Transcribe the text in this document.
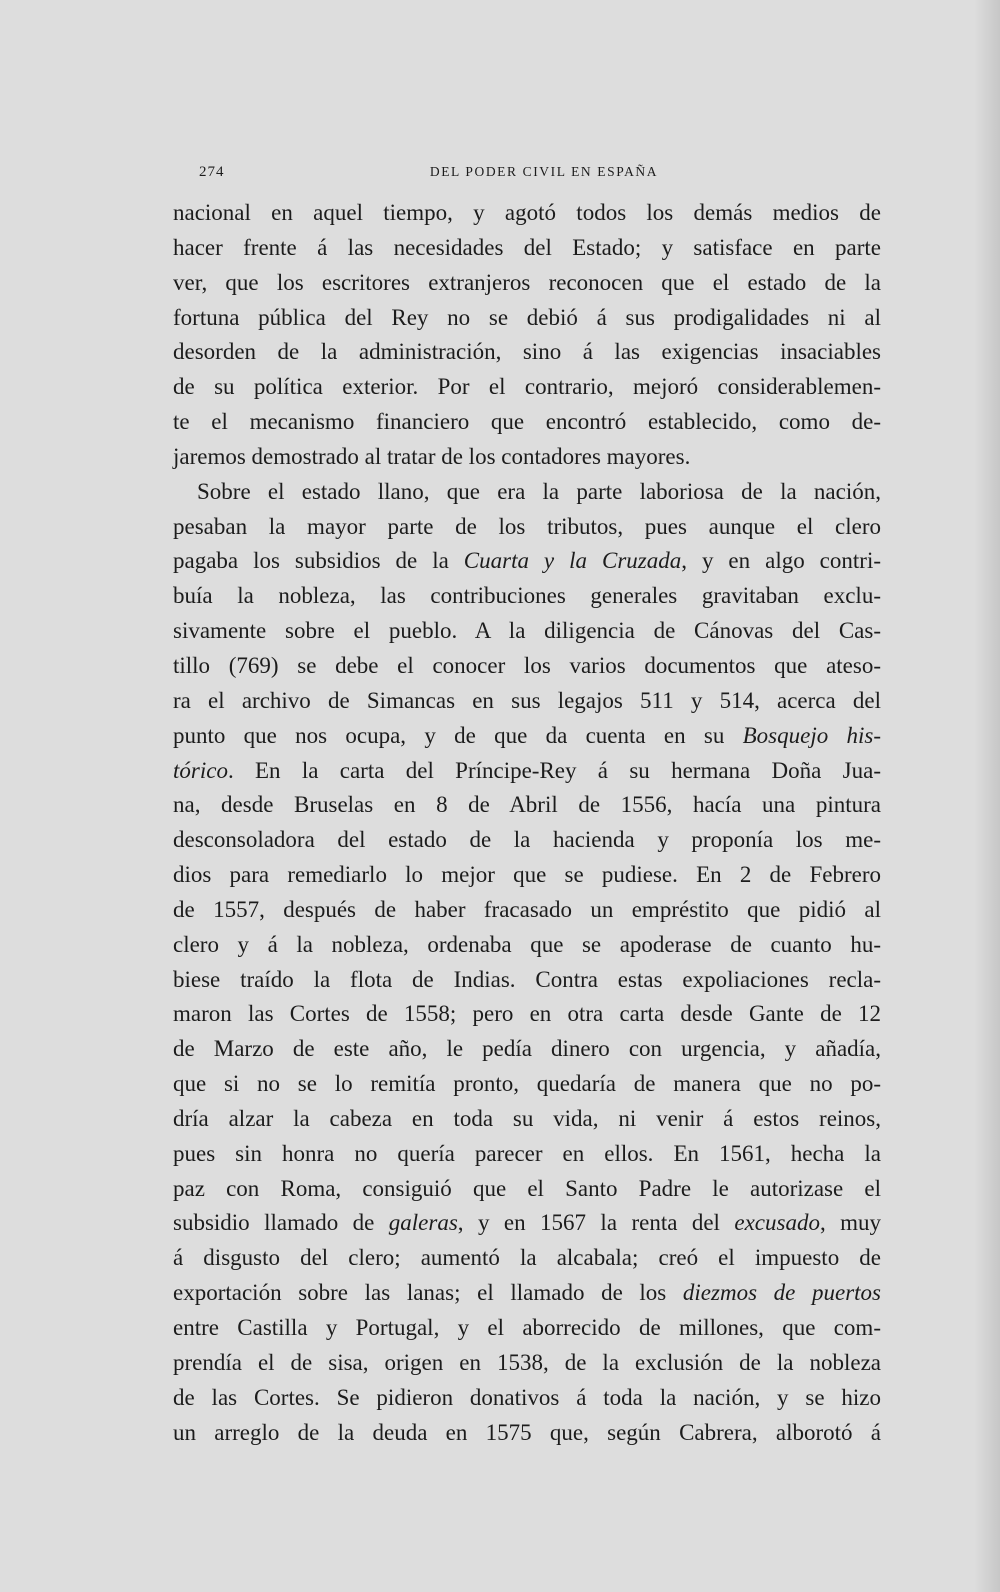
274	DEL PODER CIVIL EN ESPAÑA
nacional en aquel tiempo, y agotó todos los demás medios de
hacer frente á las necesidades del Estado; y satisface en parte
ver, que los escritores extranjeros reconocen que el estado de la
fortuna pública del Rey no se debió á sus prodigalidades ni al
desorden de la administración, sino á las exigencias insaciables
de su política exterior. Por el contrario, mejoró considerablemen-
te el mecanismo financiero que encontró establecido, como de-
jaremos demostrado al tratar de los contadores mayores.
Sobre el estado llano, que era la parte laboriosa de la nación,
pesaban la mayor parte de los tributos, pues aunque el clero
pagaba los subsidios de la Cuarta y la Cruzada, y en algo contri-
buía la nobleza, las contribuciones generales gravitaban exclu-
sivamente sobre el pueblo. A la diligencia de Cánovas del Cas-
tillo (769) se debe el conocer los varios documentos que ateso-
ra el archivo de Simancas en sus legajos 511 y 514, acerca del
punto que nos ocupa, y de que da cuenta en su Bosquejo his-
tórico. En la carta del Príncipe-Rey á su hermana Doña Jua-
na, desde Bruselas en 8 de Abril de 1556, hacía una pintura
desconsoladora del estado de la hacienda y proponía los me-
dios para remediarlo lo mejor que se pudiese. En 2 de Febrero
de 1557, después de haber fracasado un empréstito que pidió al
clero y á la nobleza, ordenaba que se apoderase de cuanto hu-
biese traído la flota de Indias. Contra estas expoliaciones recla-
maron las Cortes de 1558; pero en otra carta desde Gante de 12
de Marzo de este año, le pedía dinero con urgencia, y añadía,
que si no se lo remitía pronto, quedaría de manera que no po-
dría alzar la cabeza en toda su vida, ni venir á estos reinos,
pues sin honra no quería parecer en ellos. En 1561, hecha la
paz con Roma, consiguió que el Santo Padre le autorizase el
subsidio llamado de galeras, y en 1567 la renta del excusado, muy
á disgusto del clero; aumentó la alcabala; creó el impuesto de
exportación sobre las lanas; el llamado de los diezmos de puertos
entre Castilla y Portugal, y el aborrecido de millones, que com-
prendía el de sisa, origen en 1538, de la exclusión de la nobleza
de las Cortes. Se pidieron donativos á toda la nación, y se hizo
un arreglo de la deuda en 1575 que, según Cabrera, alborotó á
